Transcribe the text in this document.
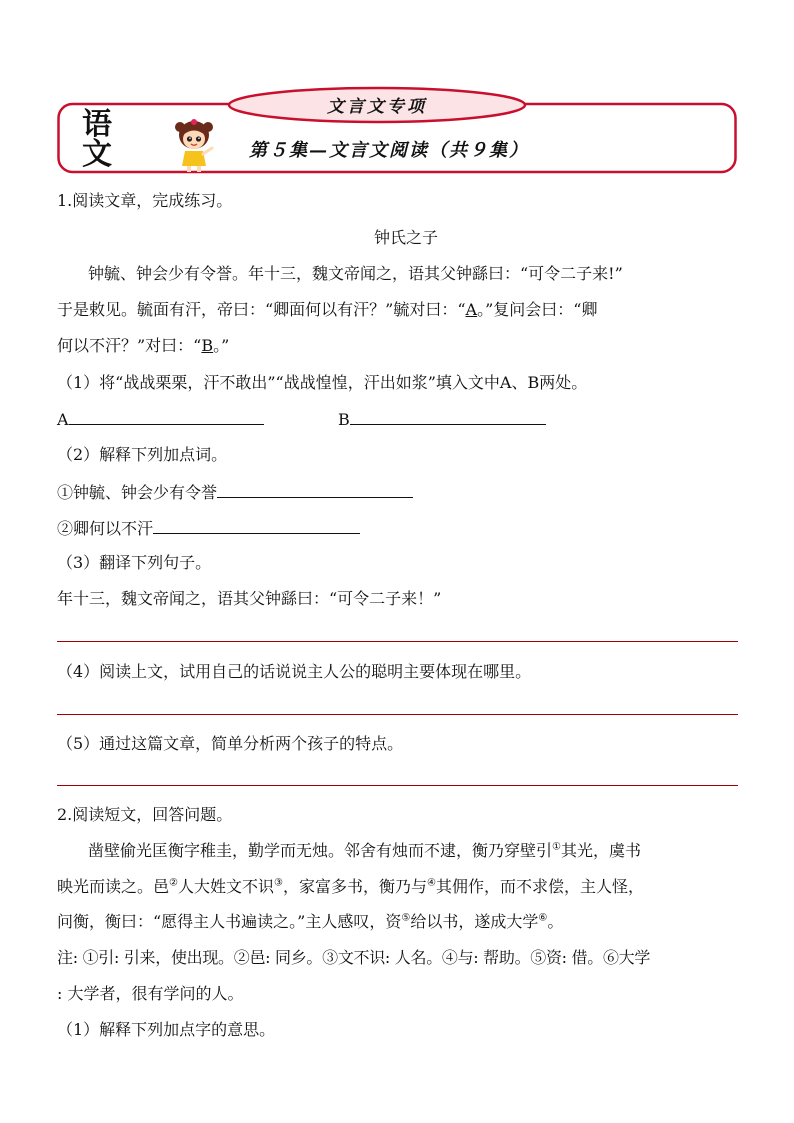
文言文专项
语
文	第５集—文言文阅读（共９集）
1.阅读文章，完成练习。
钟氏之子
钟毓、钟会少有令誉。年十三，魏文帝闻之，语其父钟繇曰：“可令二子来!”
于是敕见。毓面有汗，帝曰：“卿面何以有汗？”毓对曰：“A。”复问会曰：“卿
何以不汗？”对曰：“B。”
（1）将“战战栗栗，汗不敢出”“战战惶惶，汗出如浆”填入文中A、B两处。
A	B
（2）解释下列加点词。
①钟毓、钟会少有令誉
②卿何以不汗
（3）翻译下列句子。
年十三，魏文帝闻之，语其父钟繇曰：“可令二子来！”
（4）阅读上文，试用自己的话说说主人公的聪明主要体现在哪里。
（5）通过这篇文章，简单分析两个孩子的特点。
2.阅读短文，回答问题。
凿壁偷光匡衡字稚圭，勤学而无烛。邻舍有烛而不逮，衡乃穿壁引①其光，虞书
映光而读之。邑②人大姓文不识③，家富多书，衡乃与④其佣作，而不求偿，主人怪，
问衡，衡曰：“愿得主人书遍读之。”主人感叹，资⑤给以书，遂成大学⑥。
注: ①引: 引来，使出现。②邑: 同乡。③文不识: 人名。④与: 帮助。⑤资: 借。⑥大学
: 大学者，很有学问的人。
（1）解释下列加点字的意思。
